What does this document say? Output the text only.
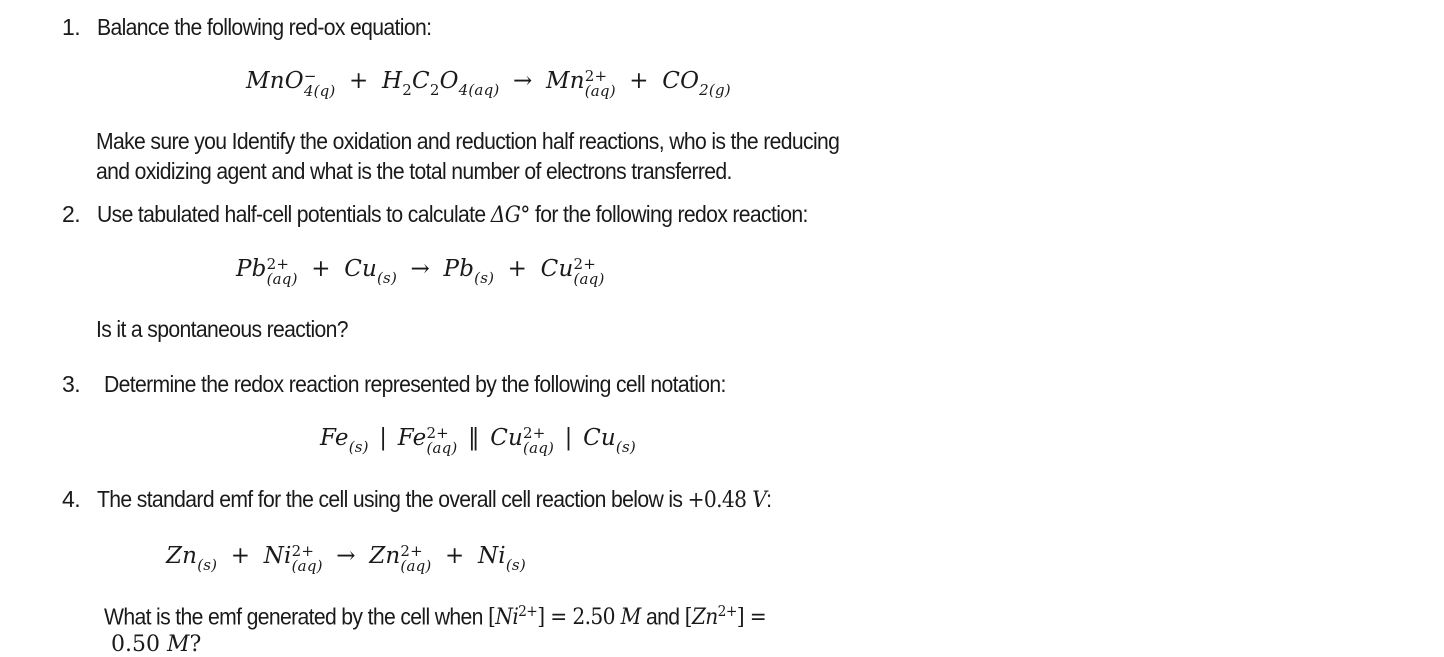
1. Balance the following red-ox equation:
MnO −
$4(q) + H_2C_2O_{4(aq)} \to Mn$ 2+
$(aq) + CO_{2(g)}$
Make sure you Identify the oxidation and reduction half reactions, who is the reducing
and oxidizing agent and what is the total number of electrons transferred.
2. Use tabulated half-cell potentials to calculate ΔG° for the following redox reaction:
Pb 2+
$(aq) + Cu_{(s)} \to Pb_{(s)} + Cu$ 2+
(aq)
Is it a spontaneous reaction?
3. Determine the redox reaction represented by the following cell notation:
$Fe_{(s)}$ | Fe 2+
(aq) ‖ Cu 2+
(aq) | $Cu_{(s)}$
4. The standard emf for the cell using the overall cell reaction below is +0.48 V:
$Zn_{(s)} + Ni$ 2+
(aq) → Zn 2+
$(aq) + Ni_{(s)}$
What is the emf generated by the cell when $[Ni^{2+}] = 2.50$ M and $[Zn^{2+}]$ =
0.50 M?
